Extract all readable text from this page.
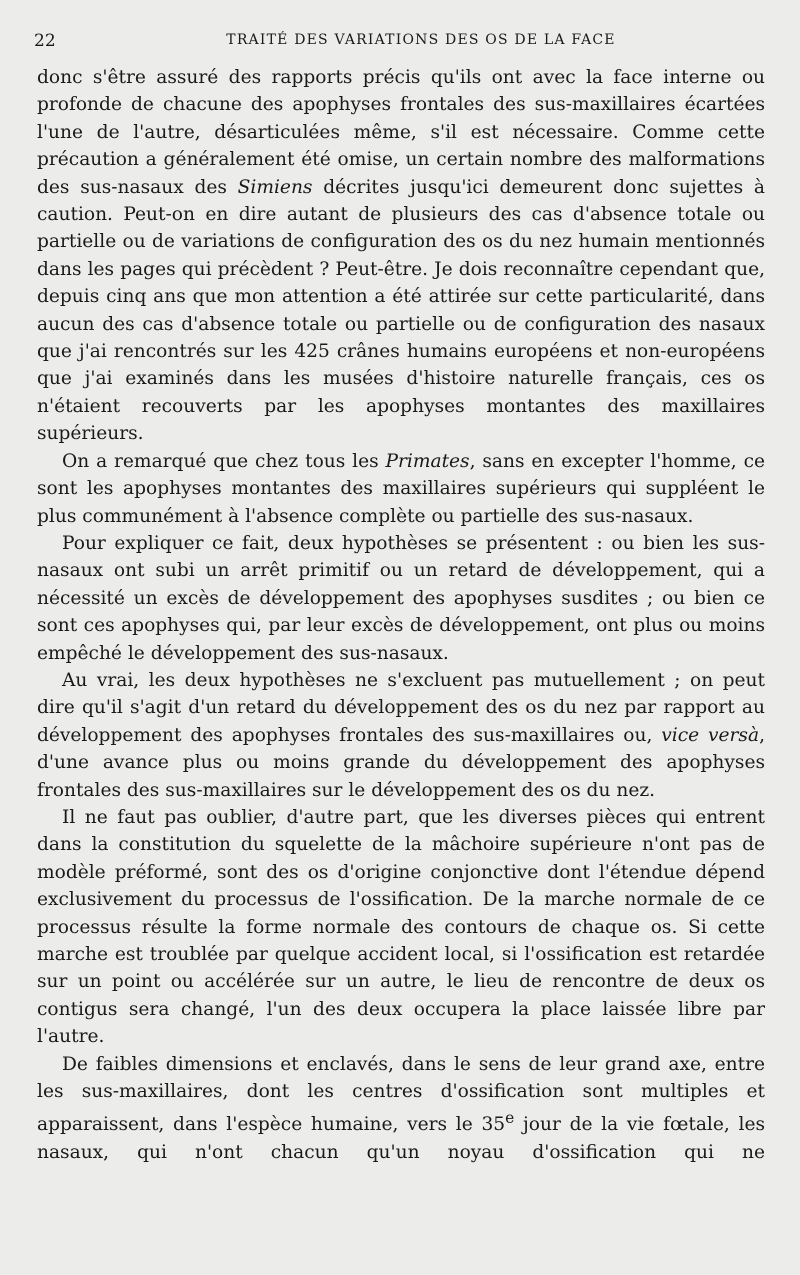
22	TRAITÉ DES VARIATIONS DES OS DE LA FACE

donc s'être assuré des rapports précis qu'ils ont avec la face interne ou profonde de chacune des apophyses frontales des sus-maxillaires écartées l'une de l'autre, désarticulées même, s'il est nécessaire. Comme cette précaution a généralement été omise, un certain nombre des malformations des sus-nasaux des Simiens décrites jusqu'ici demeurent donc sujettes à caution. Peut-on en dire autant de plusieurs des cas d'absence totale ou partielle ou de variations de configuration des os du nez humain mentionnés dans les pages qui précèdent ? Peut-être. Je dois reconnaître cependant que, depuis cinq ans que mon attention a été attirée sur cette particularité, dans aucun des cas d'absence totale ou partielle ou de configuration des nasaux que j'ai rencontrés sur les 425 crânes humains européens et non-européens que j'ai examinés dans les musées d'histoire naturelle français, ces os n'étaient recouverts par les apophyses montantes des maxillaires supérieurs.

On a remarqué que chez tous les Primates, sans en excepter l'homme, ce sont les apophyses montantes des maxillaires supérieurs qui suppléent le plus communément à l'absence complète ou partielle des sus-nasaux.

Pour expliquer ce fait, deux hypothèses se présentent : ou bien les sus-nasaux ont subi un arrêt primitif ou un retard de développement, qui a nécessité un excès de développement des apophyses susdites ; ou bien ce sont ces apophyses qui, par leur excès de développement, ont plus ou moins empêché le développement des sus-nasaux.

Au vrai, les deux hypothèses ne s'excluent pas mutuellement ; on peut dire qu'il s'agit d'un retard du développement des os du nez par rapport au développement des apophyses frontales des sus-maxillaires ou, vice versà, d'une avance plus ou moins grande du développement des apophyses frontales des sus-maxillaires sur le développement des os du nez.

Il ne faut pas oublier, d'autre part, que les diverses pièces qui entrent dans la constitution du squelette de la mâchoire supérieure n'ont pas de modèle préformé, sont des os d'origine conjonctive dont l'étendue dépend exclusivement du processus de l'ossification. De la marche normale de ce processus résulte la forme normale des contours de chaque os. Si cette marche est troublée par quelque accident local, si l'ossification est retardée sur un point ou accélérée sur un autre, le lieu de rencontre de deux os contigus sera changé, l'un des deux occupera la place laissée libre par l'autre.

De faibles dimensions et enclavés, dans le sens de leur grand axe, entre les sus-maxillaires, dont les centres d'ossification sont multiples et apparaissent, dans l'espèce humaine, vers le 35e jour de la vie fœtale, les nasaux, qui n'ont chacun qu'un noyau d'ossification qui ne
